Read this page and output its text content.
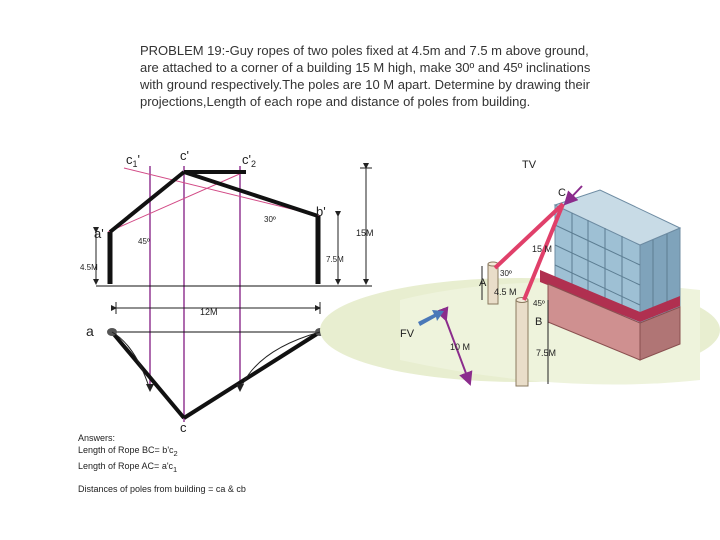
PROBLEM 19:-Guy ropes of two poles fixed at 4.5m and 7.5 m above ground,
are attached to a corner of a building 15 M high, make 30º and 45º inclinations
with ground respectively.The poles are 10 M apart. Determine by drawing their
projections,Length of each rope and distance of poles from building.
$c_1'$	c'	$c'_2$
b'
a'
30º
45º
15M
7.5M
4.5M
12M
a
c
TV
C
15 M
30º
A
4.5 M
45º
B
FV
10 M
7.5M
Answers:
Length of Rope $BC= b'c_2$
Length of Rope $AC= a'c_1$
Distances of poles from building = ca & cb
